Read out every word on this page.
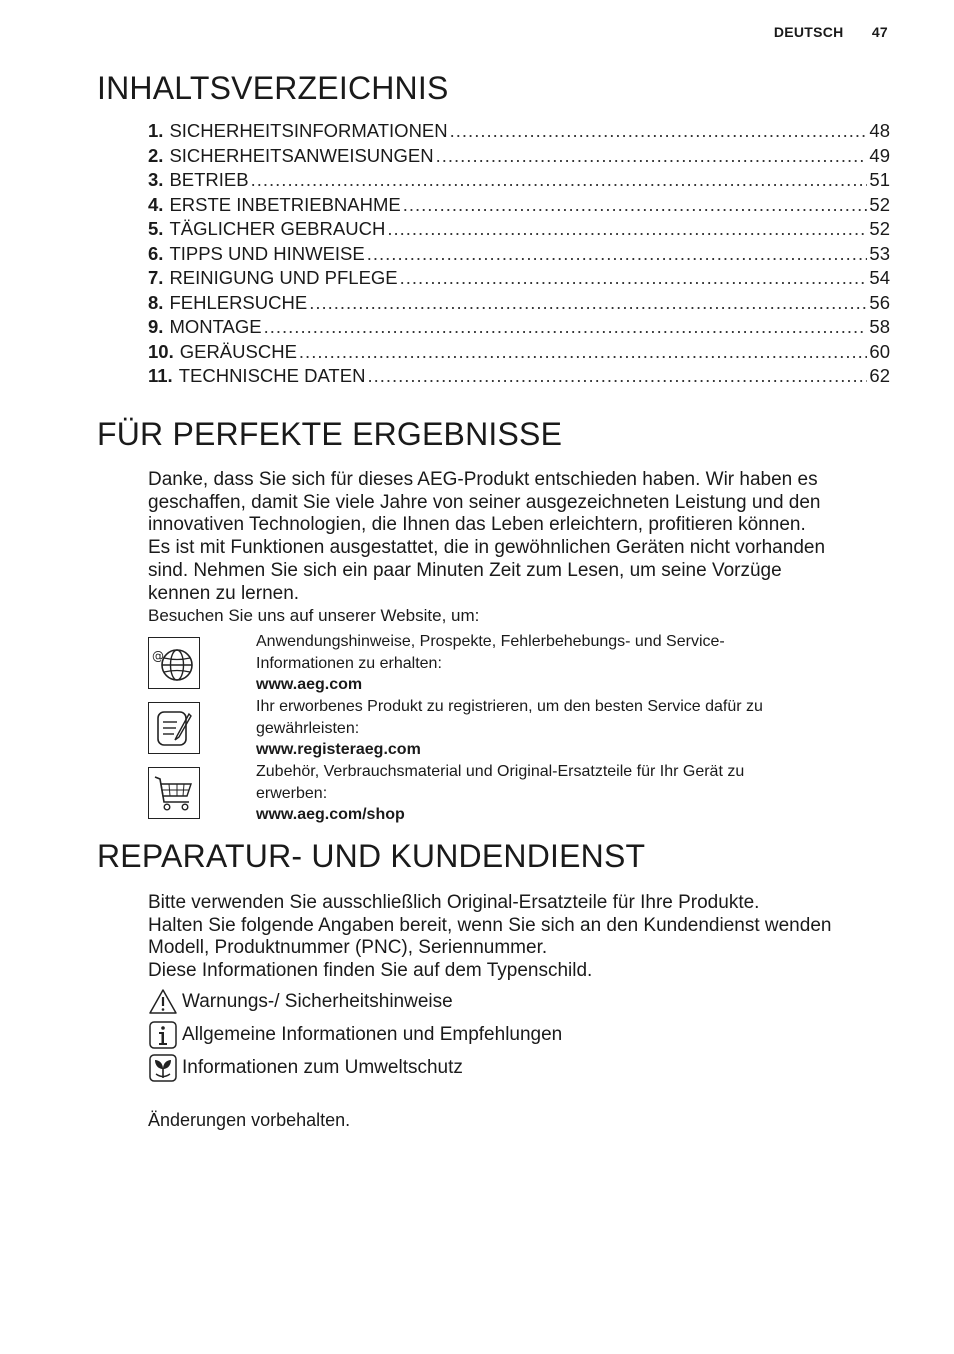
DEUTSCH 47
INHALTSVERZEICHNIS
1. SICHERHEITSINFORMATIONEN .....	48
2. SICHERHEITSANWEISUNGEN .....	49
3. BETRIEB .....	51
4. ERSTE INBETRIEBNAHME .....	52
5. TÄGLICHER GEBRAUCH .....	52
6. TIPPS UND HINWEISE .....	53
7. REINIGUNG UND PFLEGE .....	54
8. FEHLERSUCHE .....	56
9. MONTAGE .....	58
10. GERÄUSCHE .....	60
11. TECHNISCHE DATEN .....	62
FÜR PERFEKTE ERGEBNISSE
Danke, dass Sie sich für dieses AEG-Produkt entschieden haben. Wir haben es
geschaffen, damit Sie viele Jahre von seiner ausgezeichneten Leistung und den
innovativen Technologien, die Ihnen das Leben erleichtern, profitieren können.
Es ist mit Funktionen ausgestattet, die in gewöhnlichen Geräten nicht vorhanden
sind. Nehmen Sie sich ein paar Minuten Zeit zum Lesen, um seine Vorzüge
kennen zu lernen.
Besuchen Sie uns auf unserer Website, um:
@
Anwendungshinweise, Prospekte, Fehlerbehebungs- und Service-
Informationen zu erhalten:
www.aeg.com
Ihr erworbenes Produkt zu registrieren, um den besten Service dafür zu
gewährleisten:
www.registeraeg.com
Zubehör, Verbrauchsmaterial und Original-Ersatzteile für Ihr Gerät zu
erwerben:
www.aeg.com/shop
REPARATUR- UND KUNDENDIENST
Bitte verwenden Sie ausschließlich Original-Ersatzteile für Ihre Produkte.
Halten Sie folgende Angaben bereit, wenn Sie sich an den Kundendienst wenden
Modell, Produktnummer (PNC), Seriennummer.
Diese Informationen finden Sie auf dem Typenschild.
Warnungs-/ Sicherheitshinweise
Allgemeine Informationen und Empfehlungen
Informationen zum Umweltschutz
Änderungen vorbehalten.
